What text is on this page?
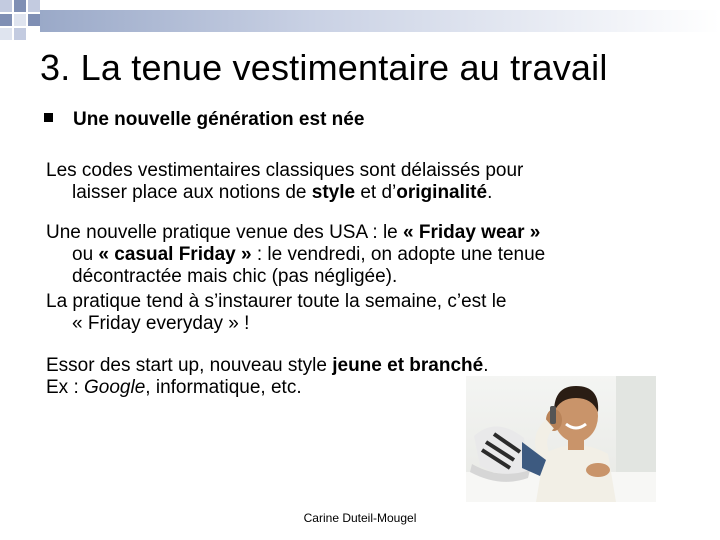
3. La tenue vestimentaire au travail
Une nouvelle génération est née
Les codes vestimentaires classiques sont délaissés pour
laisser place aux notions de style et d’originalité.
Une nouvelle pratique venue des USA : le « Friday wear »
ou « casual Friday » : le vendredi, on adopte une tenue
décontractée mais chic (pas négligée).
La pratique tend à s’instaurer toute la semaine, c’est le
« Friday everyday » !
Essor des start up, nouveau style jeune et branché.
Ex : Google, informatique, etc.
Carine Duteil-Mougel
